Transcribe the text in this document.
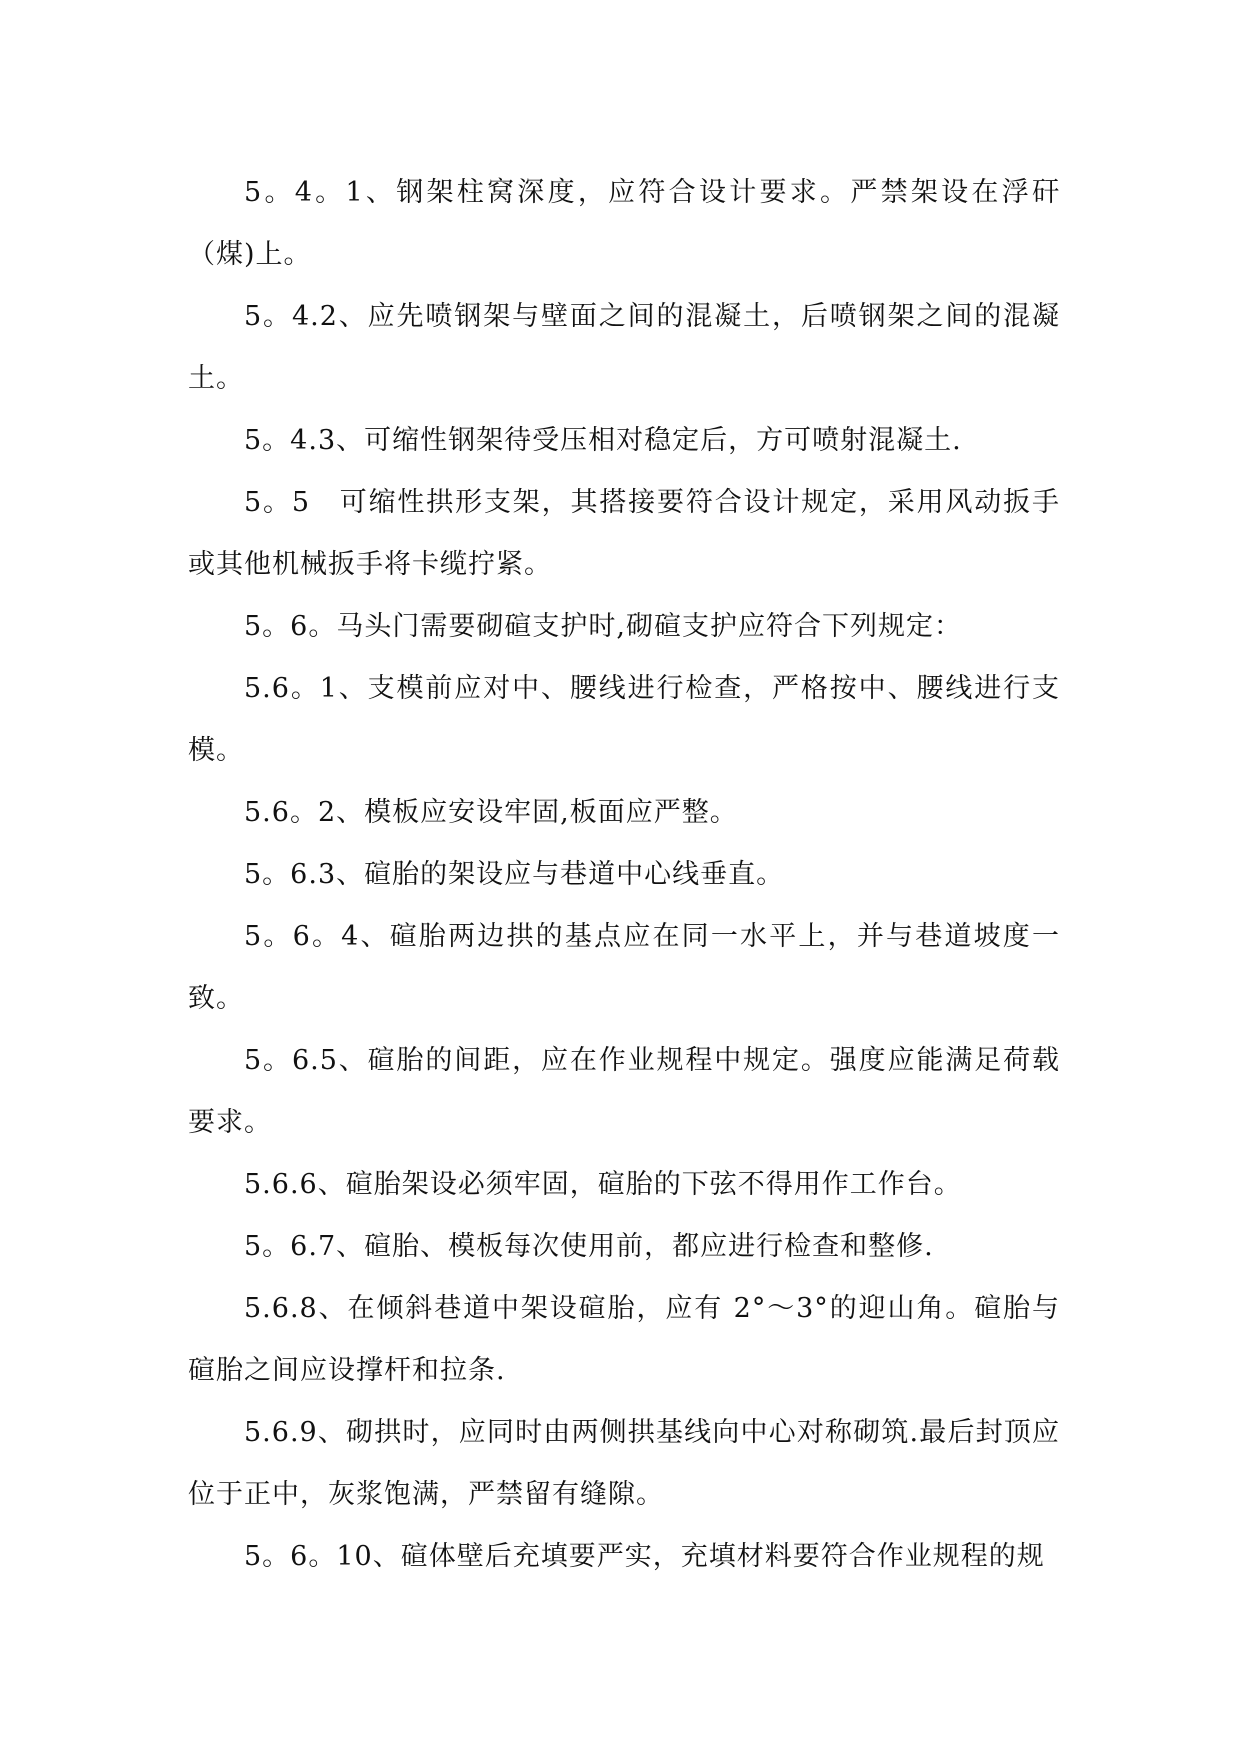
5。4。1、钢架柱窝深度，应符合设计要求。严禁架设在浮矸（煤)上。

5。4.2、应先喷钢架与壁面之间的混凝土，后喷钢架之间的混凝土。

5。4.3、可缩性钢架待受压相对稳定后，方可喷射混凝土.

5。5　可缩性拱形支架，其搭接要符合设计规定，采用风动扳手或其他机械扳手将卡缆拧紧。

5。6。马头门需要砌碹支护时,砌碹支护应符合下列规定：

5.6。1、支模前应对中、腰线进行检查，严格按中、腰线进行支模。

5.6。2、模板应安设牢固,板面应严整。

5。6.3、碹胎的架设应与巷道中心线垂直。

5。6。4、碹胎两边拱的基点应在同一水平上，并与巷道坡度一致。

5。6.5、碹胎的间距，应在作业规程中规定。强度应能满足荷载要求。

5.6.6、碹胎架设必须牢固，碹胎的下弦不得用作工作台。

5。6.7、碹胎、模板每次使用前，都应进行检查和整修.

5.6.8、在倾斜巷道中架设碹胎，应有 2°～3°的迎山角。碹胎与碹胎之间应设撑杆和拉条.

5.6.9、砌拱时，应同时由两侧拱基线向中心对称砌筑.最后封顶应位于正中，灰浆饱满，严禁留有缝隙。

5。6。10、碹体壁后充填要严实，充填材料要符合作业规程的规
